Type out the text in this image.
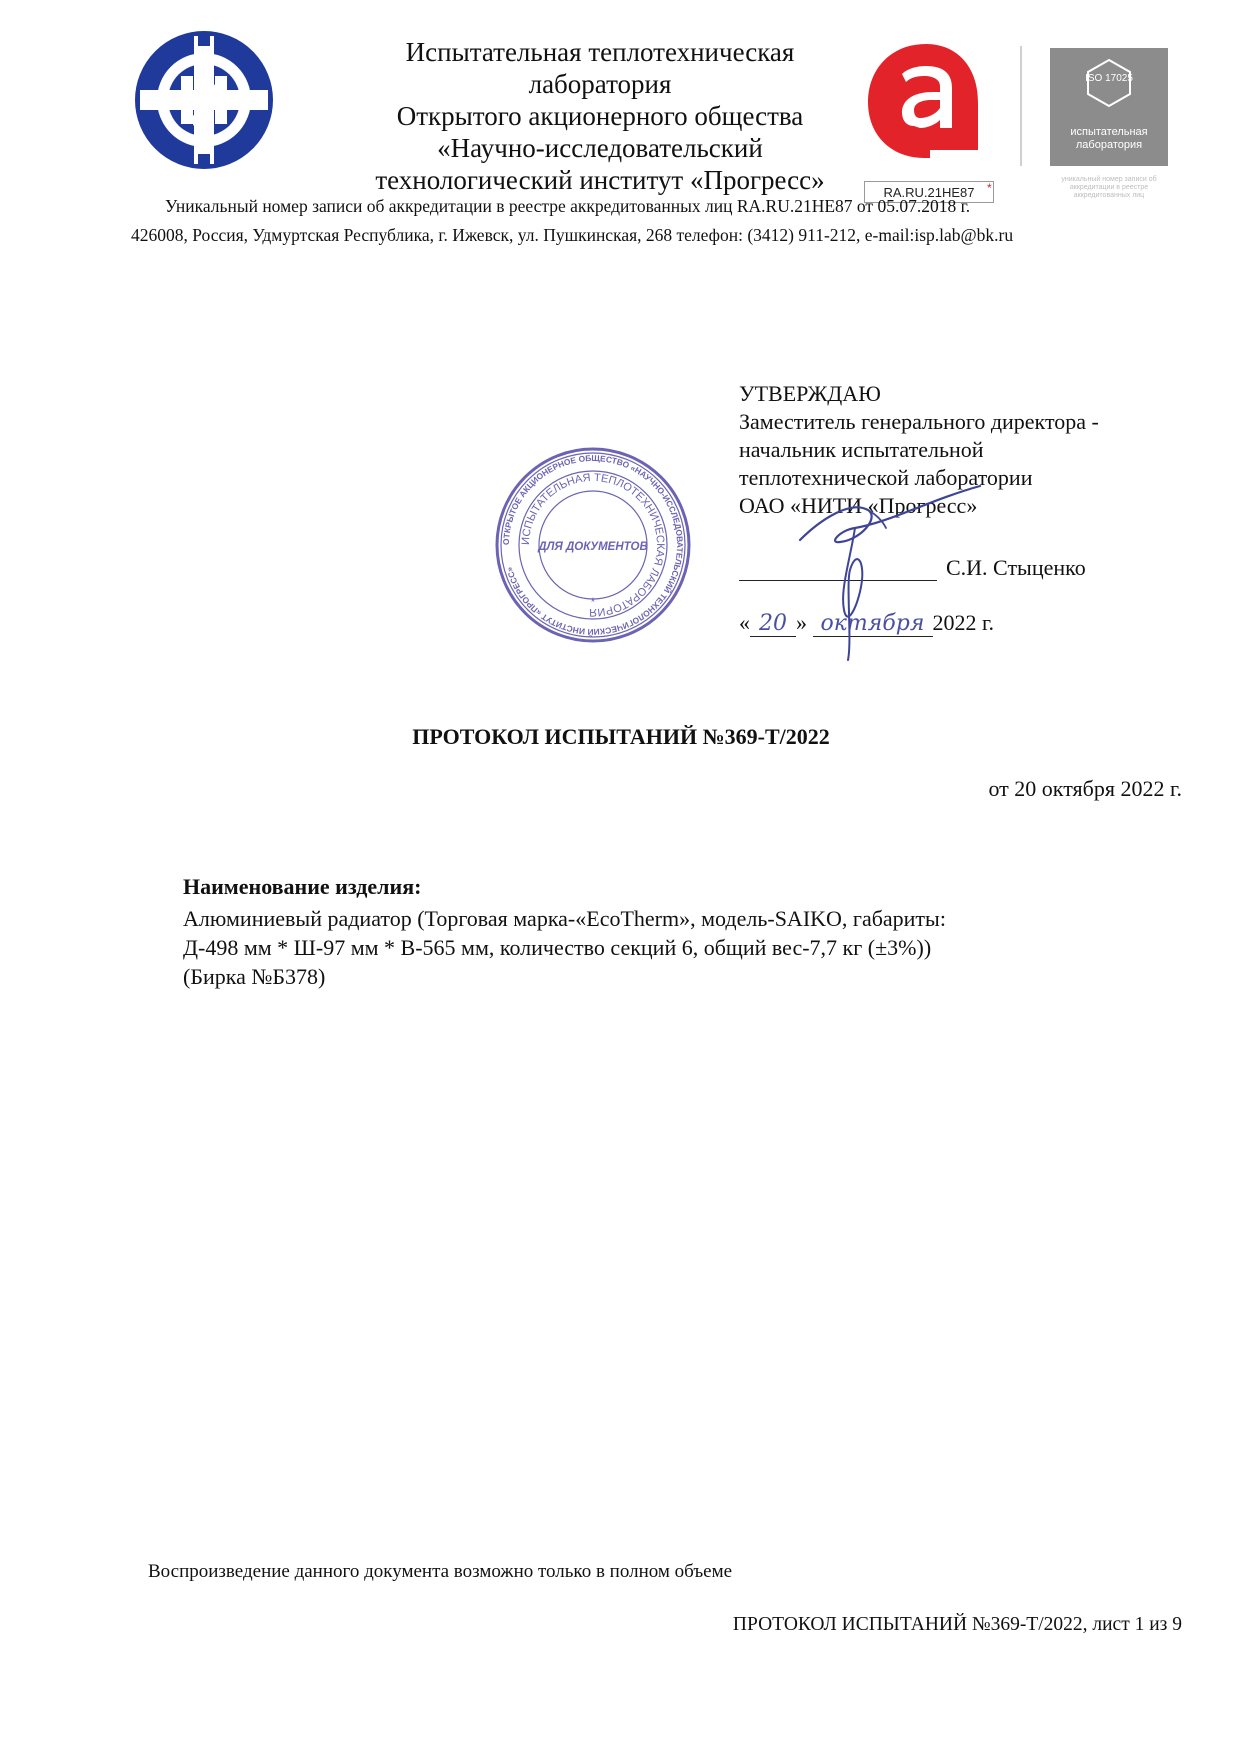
Испытательная теплотехническая
лаборатория
Открытого акционерного общества
«Научно-исследовательский
технологический институт «Прогресс»	RA.RU.21HE87	*
ISO 17025
испытательная лаборатория
уникальный номер записи об аккредитации в реестре аккредитованных лиц
Уникальный номер записи об аккредитации в реестре аккредитованных лиц RA.RU.21НЕ87 от 05.07.2018 г.
426008, Россия, Удмуртская Республика, г. Ижевск, ул. Пушкинская, 268 телефон: (3412) 911-212, e-mail:isp.lab@bk.ru
ОТКРЫТОЕ АКЦИОНЕРНОЕ ОБЩЕСТВО «НАУЧНО-ИССЛЕДОВАТЕЛЬСКИЙ ТЕХНОЛОГИЧЕСКИЙ ИНСТИТУТ «ПРОГРЕСС»
ИСПЫТАТЕЛЬНАЯ ТЕПЛОТЕХНИЧЕСКАЯ ЛАБОРАТОРИЯ
ДЛЯ ДОКУМЕНТОВ
*
УТВЕРЖДАЮ
Заместитель генерального директора -
начальник испытательной
теплотехнической лаборатории
ОАО «НИТИ «Прогресс»
С.И. Стыценко
« 20 » октября 2022 г.
ПРОТОКОЛ ИСПЫТАНИЙ №369-Т/2022
от 20 октября 2022 г.
Наименование изделия:
Алюминиевый радиатор (Торговая марка-«EcoTherm», модель-SAIKO, габариты:
Д-498 мм * Ш-97 мм * В-565 мм, количество секций 6, общий вес-7,7 кг (±3%))
(Бирка №Б378)
Воспроизведение данного документа возможно только в полном объеме
ПРОТОКОЛ ИСПЫТАНИЙ №369-Т/2022, лист 1 из 9
